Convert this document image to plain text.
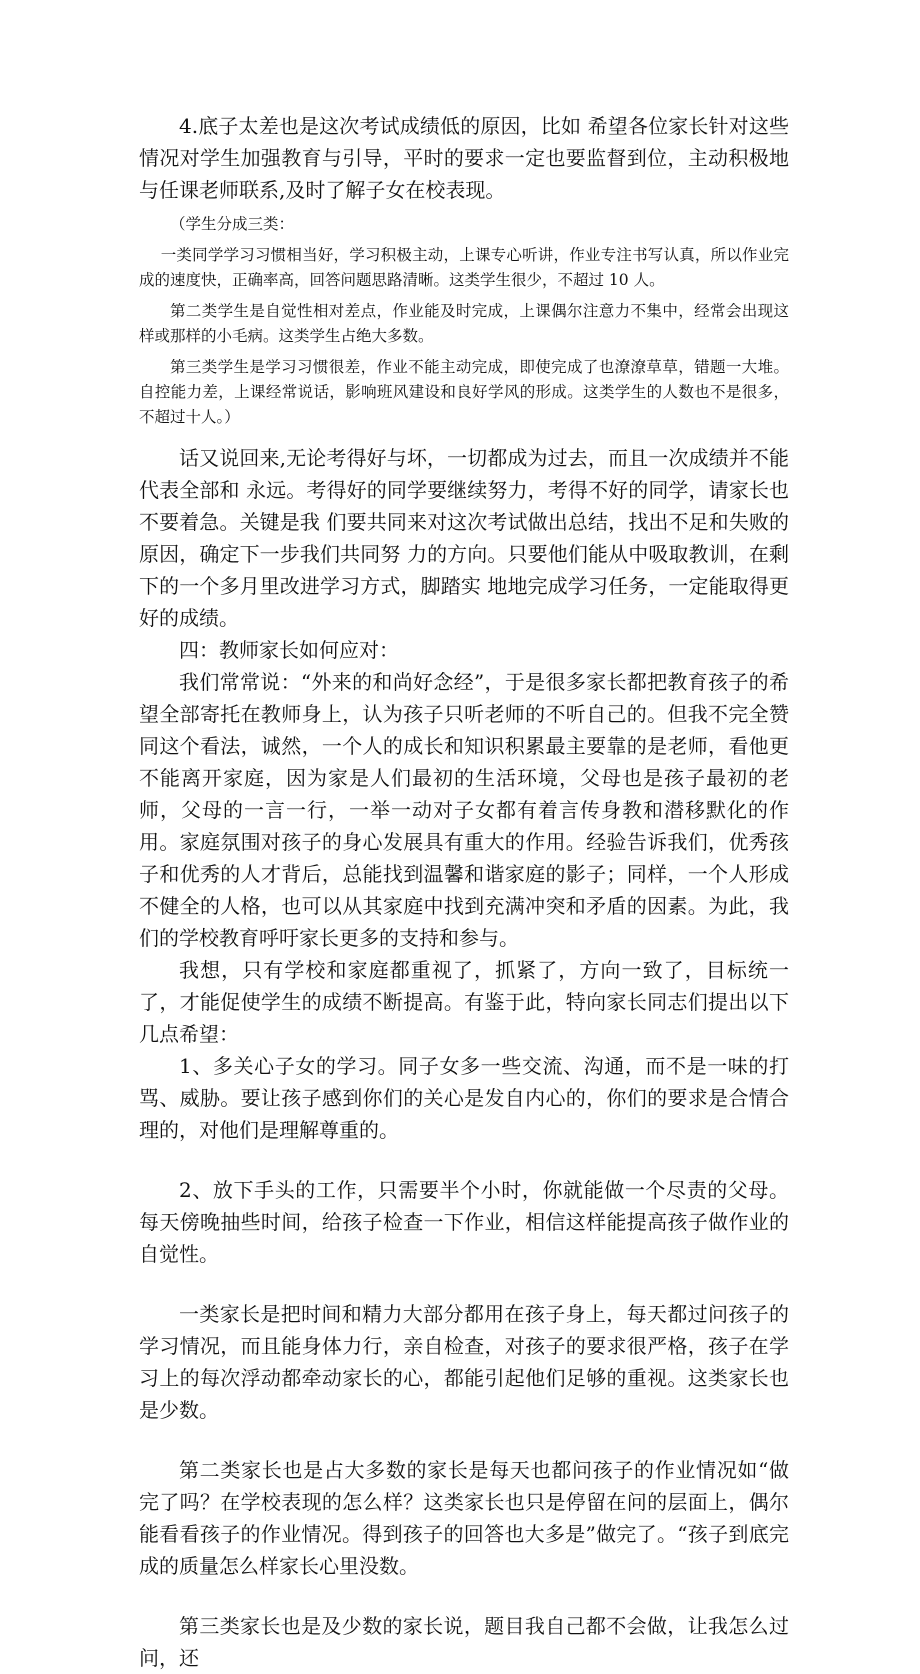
4.底子太差也是这次考试成绩低的原因，比如 希望各位家长针对这些情况对学生加强教育与引导，平时的要求一定也要监督到位，主动积极地与任课老师联系,及时了解子女在校表现。

（学生分成三类：

一类同学学习习惯相当好，学习积极主动，上课专心听讲，作业专注书写认真，所以作业完成的速度快，正确率高，回答问题思路清晰。这类学生很少，不超过 10 人。

第二类学生是自觉性相对差点，作业能及时完成，上课偶尔注意力不集中，经常会出现这样或那样的小毛病。这类学生占绝大多数。

第三类学生是学习习惯很差，作业不能主动完成，即使完成了也潦潦草草，错题一大堆。自控能力差，上课经常说话，影响班风建设和良好学风的形成。这类学生的人数也不是很多，不超过十人。）

话又说回来,无论考得好与坏，一切都成为过去，而且一次成绩并不能代表全部和 永远。考得好的同学要继续努力，考得不好的同学，请家长也不要着急。关键是我 们要共同来对这次考试做出总结，找出不足和失败的原因，确定下一步我们共同努 力的方向。只要他们能从中吸取教训，在剩下的一个多月里改进学习方式，脚踏实 地地完成学习任务，一定能取得更好的成绩。

四：教师家长如何应对：

我们常常说：“外来的和尚好念经”，于是很多家长都把教育孩子的希望全部寄托在教师身上，认为孩子只听老师的不听自己的。但我不完全赞同这个看法，诚然，一个人的成长和知识积累最主要靠的是老师，看他更不能离开家庭，因为家是人们最初的生活环境，父母也是孩子最初的老师，父母的一言一行，一举一动对子女都有着言传身教和潜移默化的作用。家庭氛围对孩子的身心发展具有重大的作用。经验告诉我们，优秀孩子和优秀的人才背后，总能找到温馨和谐家庭的影子；同样，一个人形成不健全的人格，也可以从其家庭中找到充满冲突和矛盾的因素。为此，我们的学校教育呼吁家长更多的支持和参与。

我想，只有学校和家庭都重视了，抓紧了，方向一致了，目标统一了，才能促使学生的成绩不断提高。有鉴于此，特向家长同志们提出以下几点希望：

1、多关心子女的学习。同子女多一些交流、沟通，而不是一味的打骂、威胁。要让孩子感到你们的关心是发自内心的，你们的要求是合情合理的，对他们是理解尊重的。

2、放下手头的工作，只需要半个小时，你就能做一个尽责的父母。每天傍晚抽些时间，给孩子检查一下作业，相信这样能提高孩子做作业的自觉性。

一类家长是把时间和精力大部分都用在孩子身上，每天都过问孩子的学习情况，而且能身体力行，亲自检查，对孩子的要求很严格，孩子在学习上的每次浮动都牵动家长的心，都能引起他们足够的重视。这类家长也是少数。

第二类家长也是占大多数的家长是每天也都问孩子的作业情况如“做完了吗？在学校表现的怎么样？这类家长也只是停留在问的层面上，偶尔能看看孩子的作业情况。得到孩子的回答也大多是”做完了。“孩子到底完成的质量怎么样家长心里没数。

第三类家长也是及少数的家长说，题目我自己都不会做，让我怎么过问，还
